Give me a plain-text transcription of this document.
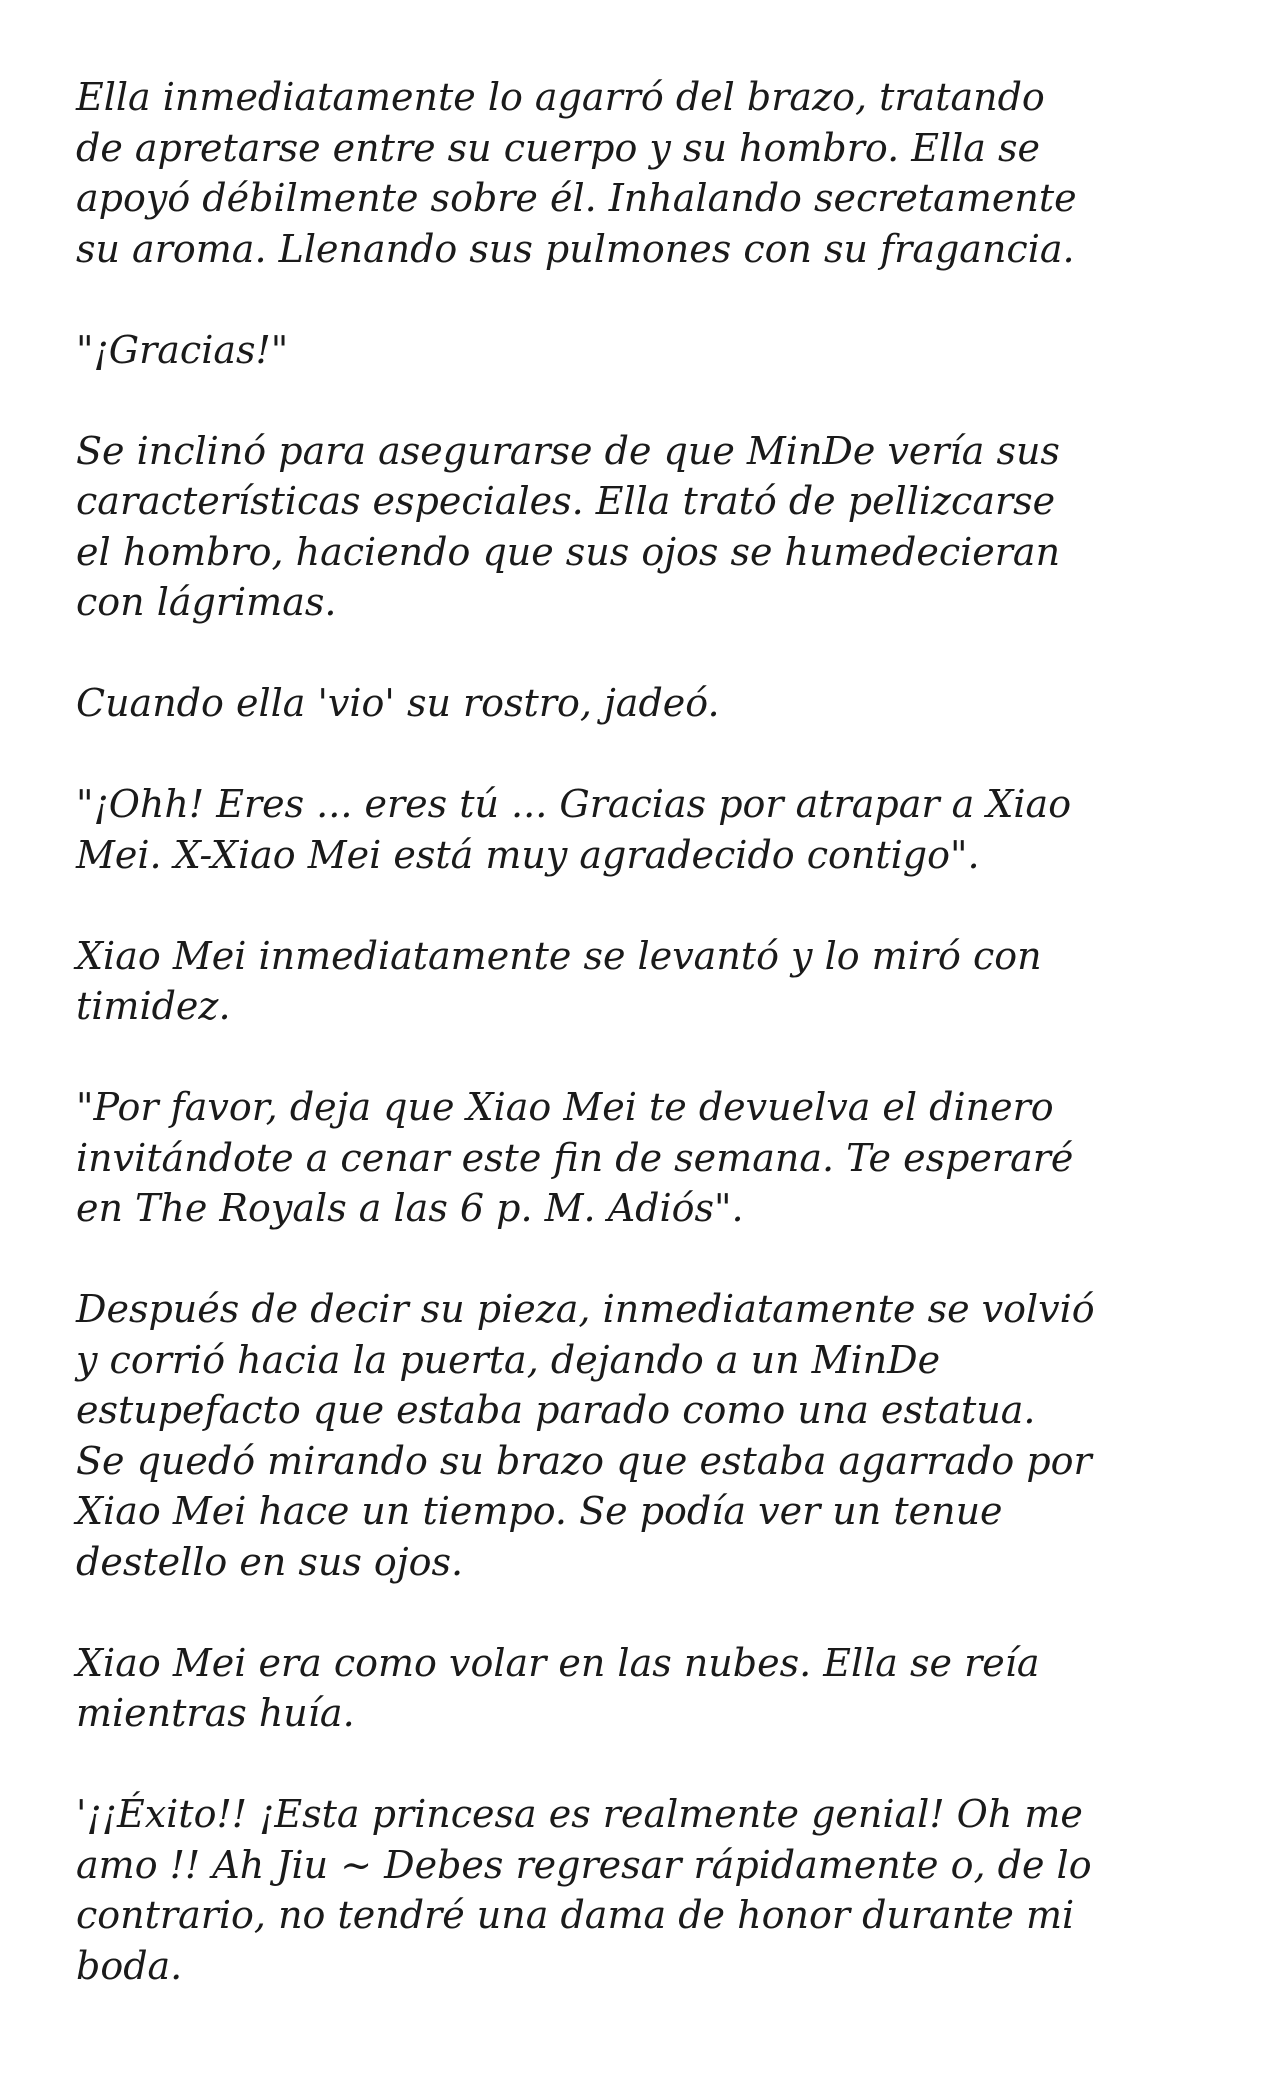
Ella inmediatamente lo agarró del brazo, tratando
de apretarse entre su cuerpo y su hombro. Ella se
apoyó débilmente sobre él. Inhalando secretamente
su aroma. Llenando sus pulmones con su fragancia.

"¡Gracias!"

Se inclinó para asegurarse de que MinDe vería sus
características especiales. Ella trató de pellizcarse
el hombro, haciendo que sus ojos se humedecieran
con lágrimas.

Cuando ella 'vio' su rostro, jadeó.

"¡Ohh! Eres ... eres tú ... Gracias por atrapar a Xiao
Mei. X-Xiao Mei está muy agradecido contigo".

Xiao Mei inmediatamente se levantó y lo miró con
timidez.

"Por favor, deja que Xiao Mei te devuelva el dinero
invitándote a cenar este fin de semana. Te esperaré
en The Royals a las 6 p. M. Adiós".

Después de decir su pieza, inmediatamente se volvió
y corrió hacia la puerta, dejando a un MinDe
estupefacto que estaba parado como una estatua.
Se quedó mirando su brazo que estaba agarrado por
Xiao Mei hace un tiempo. Se podía ver un tenue
destello en sus ojos.

Xiao Mei era como volar en las nubes. Ella se reía
mientras huía.

'¡¡Éxito!! ¡Esta princesa es realmente genial! Oh me
amo !! Ah Jiu ~ Debes regresar rápidamente o, de lo
contrario, no tendré una dama de honor durante mi
boda.
